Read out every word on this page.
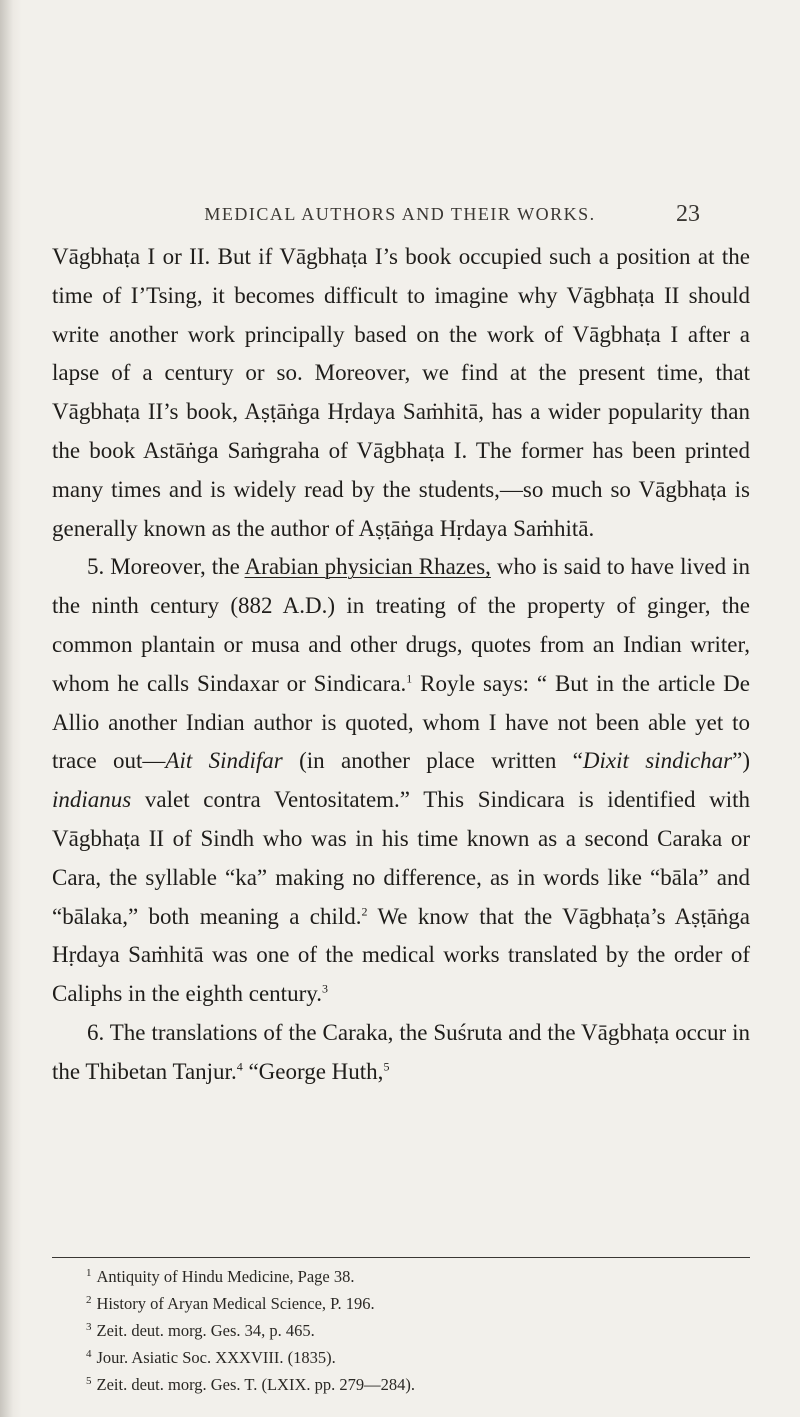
MEDICAL AUTHORS AND THEIR WORKS.	23

Vāgbhaṭa I or II. But if Vāgbhaṭa I’s book occupied such a position at the time of I’Tsing, it becomes difficult to imagine why Vāgbhaṭa II should write another work principally based on the work of Vāgbhaṭa I after a lapse of a century or so. Moreover, we find at the present time, that Vāgbhaṭa II’s book, Aṣṭāṅga Hṛdaya Saṁhitā, has a wider popularity than the book Astāṅga Saṁgraha of Vāgbhaṭa I. The former has been printed many times and is widely read by the students,—so much so Vāgbhaṭa is generally known as the author of Aṣṭāṅga Hṛdaya Saṁhitā.

5. Moreover, the Arabian physician Rhazes, who is said to have lived in the ninth century (882 A.D.) in treating of the property of ginger, the common plantain or musa and other drugs, quotes from an Indian writer, whom he calls Sindaxar or Sindicara.$^1$ Royle says: “ But in the article De Allio another Indian author is quoted, whom I have not been able yet to trace out—Ait Sindifar (in another place written “Dixit sindichar”) indianus valet contra Ventositatem.” This Sindicara is identified with Vāgbhaṭa II of Sindh who was in his time known as a second Caraka or Cara, the syllable “ka” making no difference, as in words like “bāla” and “bālaka,” both meaning a child.$^2$ We know that the Vāgbhaṭa’s Aṣṭāṅga Hṛdaya Saṁhitā was one of the medical works translated by the order of Caliphs in the eighth century.$^3$

6. The translations of the Caraka, the Suśruta and the Vāgbhaṭa occur in the Thibetan Tanjur.$^4$ “George Huth,$^5$

$^1$ Antiquity of Hindu Medicine, Page 38.
$^2$ History of Aryan Medical Science, P. 196.
$^3$ Zeit. deut. morg. Ges. 34, p. 465.
$^4$ Jour. Asiatic Soc. XXXVIII. (1835).
$^5$ Zeit. deut. morg. Ges. T. (LXIX. pp. 279—284).
